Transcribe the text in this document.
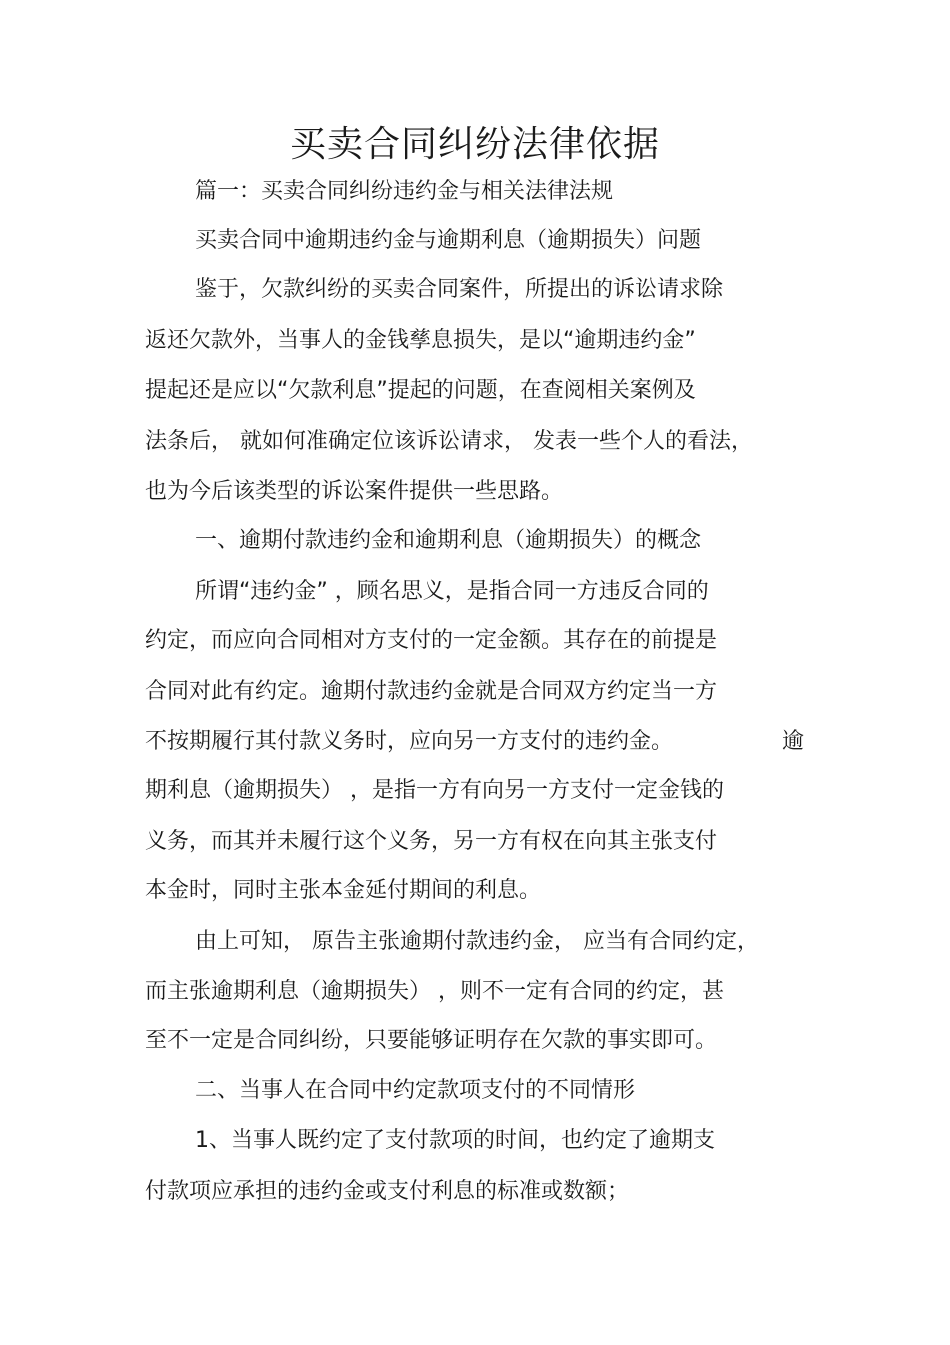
买卖合同纠纷法律依据
篇一：买卖合同纠纷违约金与相关法律法规
买卖合同中逾期违约金与逾期利息（逾期损失）问题
鉴于，欠款纠纷的买卖合同案件，所提出的诉讼请求除
返还欠款外，当事人的金钱孳息损失，是以“逾期违约金”
提起还是应以“欠款利息”提起的问题，在查阅相关案例及
法条后， 就如何准确定位该诉讼请求， 发表一些个人的看法，
也为今后该类型的诉讼案件提供一些思路。
一、逾期付款违约金和逾期利息（逾期损失）的概念
所谓“违约金” ，顾名思义，是指合同一方违反合同的
约定，而应向合同相对方支付的一定金额。其存在的前提是
合同对此有约定。逾期付款违约金就是合同双方约定当一方
不按期履行其付款义务时，应向另一方支付的违约金。	逾
期利息（逾期损失） ，是指一方有向另一方支付一定金钱的
义务，而其并未履行这个义务，另一方有权在向其主张支付
本金时，同时主张本金延付期间的利息。
由上可知， 原告主张逾期付款违约金， 应当有合同约定，
而主张逾期利息（逾期损失） ，则不一定有合同的约定，甚
至不一定是合同纠纷，只要能够证明存在欠款的事实即可。
二、当事人在合同中约定款项支付的不同情形
1、当事人既约定了支付款项的时间，也约定了逾期支
付款项应承担的违约金或支付利息的标准或数额；
